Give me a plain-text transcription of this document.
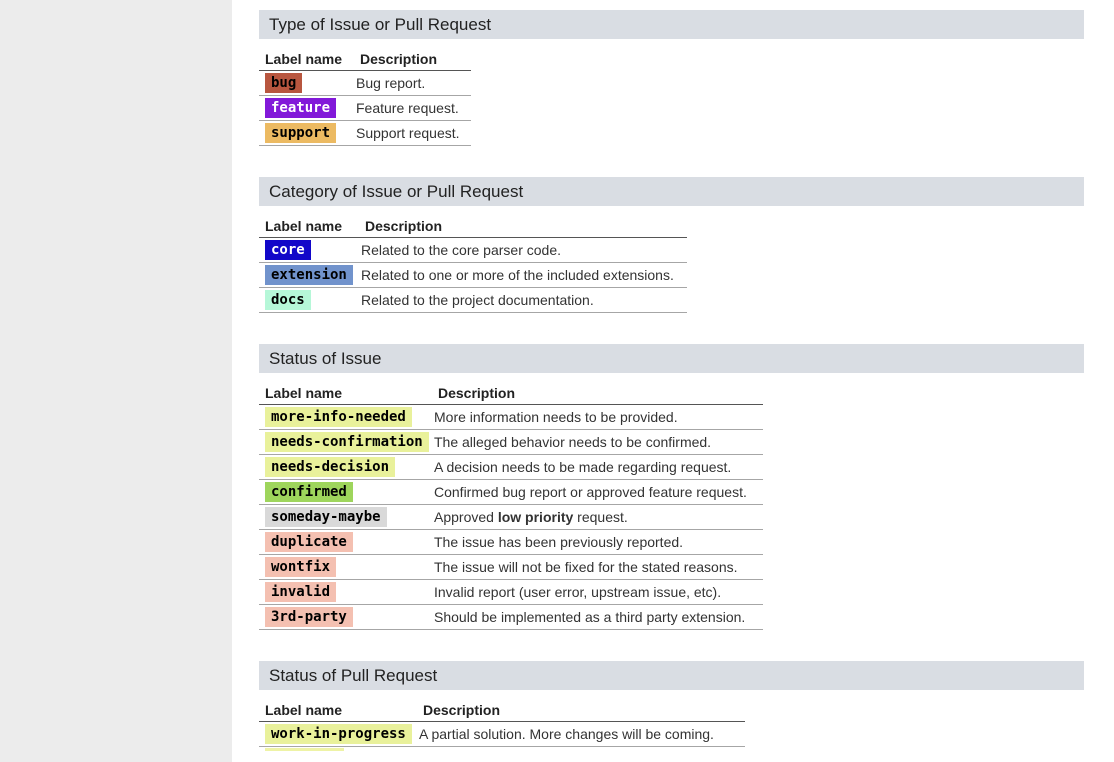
Type of Issue or Pull Request
Label name	Description
bug	Bug report.
feature	Feature request.
support	Support request.
Category of Issue or Pull Request
Label name	Description
core	Related to the core parser code.
extension	Related to one or more of the included extensions.
docs	Related to the project documentation.
Status of Issue
Label name	Description
more-info-needed	More information needs to be provided.
needs-confirmation	The alleged behavior needs to be confirmed.
needs-decision	A decision needs to be made regarding request.
confirmed	Confirmed bug report or approved feature request.
someday-maybe	Approved low priority request.
duplicate	The issue has been previously reported.
wontfix	The issue will not be fixed for the stated reasons.
invalid	Invalid report (user error, upstream issue, etc).
3rd-party	Should be implemented as a third party extension.
Status of Pull Request
Label name	Description
work-in-progress	A partial solution. More changes will be coming.
